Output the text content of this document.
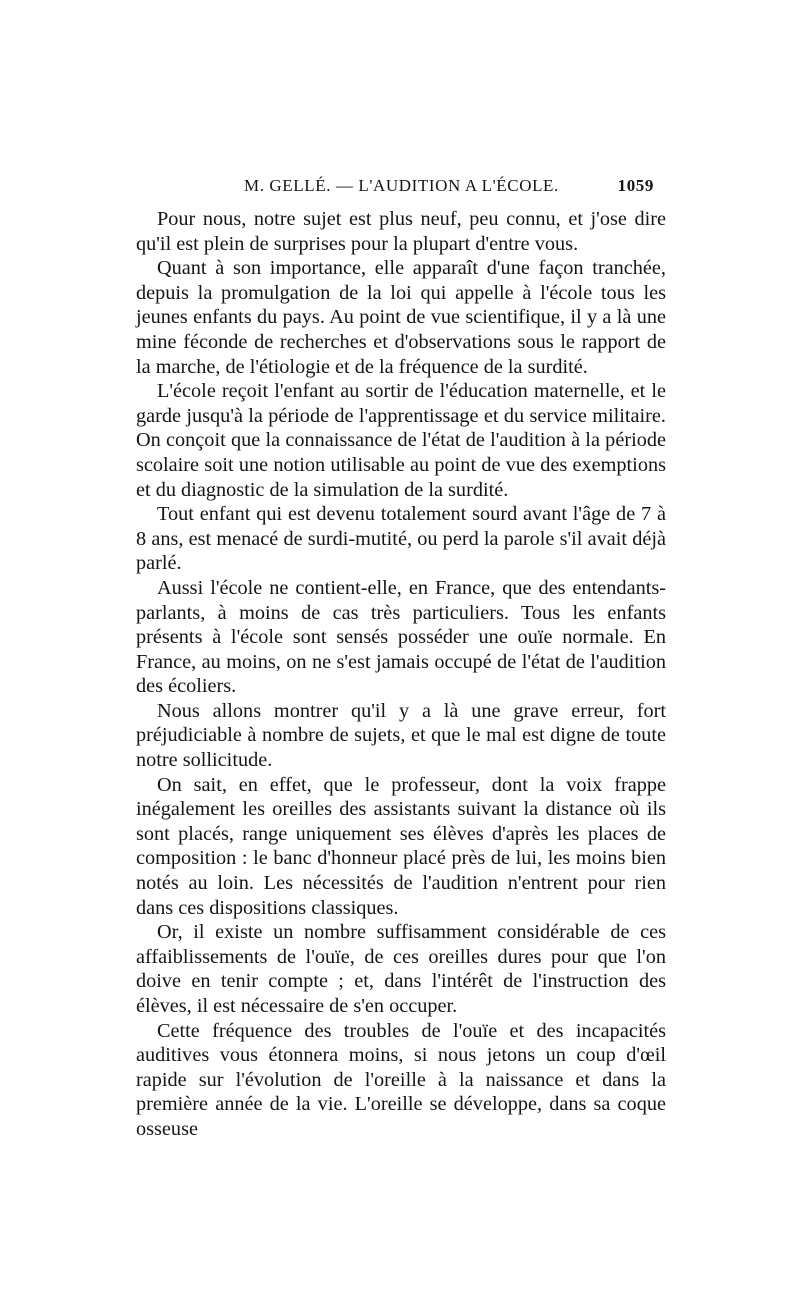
M. GELLÉ. — L'AUDITION A L'ÉCOLE.	1059

Pour nous, notre sujet est plus neuf, peu connu, et j'ose dire qu'il est plein de surprises pour la plupart d'entre vous.

Quant à son importance, elle apparaît d'une façon tranchée, depuis la promulgation de la loi qui appelle à l'école tous les jeunes enfants du pays. Au point de vue scientifique, il y a là une mine féconde de recherches et d'observations sous le rapport de la marche, de l'étiologie et de la fréquence de la surdité.

L'école reçoit l'enfant au sortir de l'éducation maternelle, et le garde jusqu'à la période de l'apprentissage et du service militaire. On conçoit que la connaissance de l'état de l'audition à la période scolaire soit une notion utilisable au point de vue des exemptions et du diagnostic de la simulation de la surdité.

Tout enfant qui est devenu totalement sourd avant l'âge de 7 à 8 ans, est menacé de surdi-mutité, ou perd la parole s'il avait déjà parlé.

Aussi l'école ne contient-elle, en France, que des entendants-parlants, à moins de cas très particuliers. Tous les enfants présents à l'école sont sensés posséder une ouïe normale. En France, au moins, on ne s'est jamais occupé de l'état de l'audition des écoliers.

Nous allons montrer qu'il y a là une grave erreur, fort préjudiciable à nombre de sujets, et que le mal est digne de toute notre sollicitude.

On sait, en effet, que le professeur, dont la voix frappe inégalement les oreilles des assistants suivant la distance où ils sont placés, range uniquement ses élèves d'après les places de composition : le banc d'honneur placé près de lui, les moins bien notés au loin. Les nécessités de l'audition n'entrent pour rien dans ces dispositions classiques.

Or, il existe un nombre suffisamment considérable de ces affaiblissements de l'ouïe, de ces oreilles dures pour que l'on doive en tenir compte ; et, dans l'intérêt de l'instruction des élèves, il est nécessaire de s'en occuper.

Cette fréquence des troubles de l'ouïe et des incapacités auditives vous étonnera moins, si nous jetons un coup d'œil rapide sur l'évolution de l'oreille à la naissance et dans la première année de la vie. L'oreille se développe, dans sa coque osseuse
